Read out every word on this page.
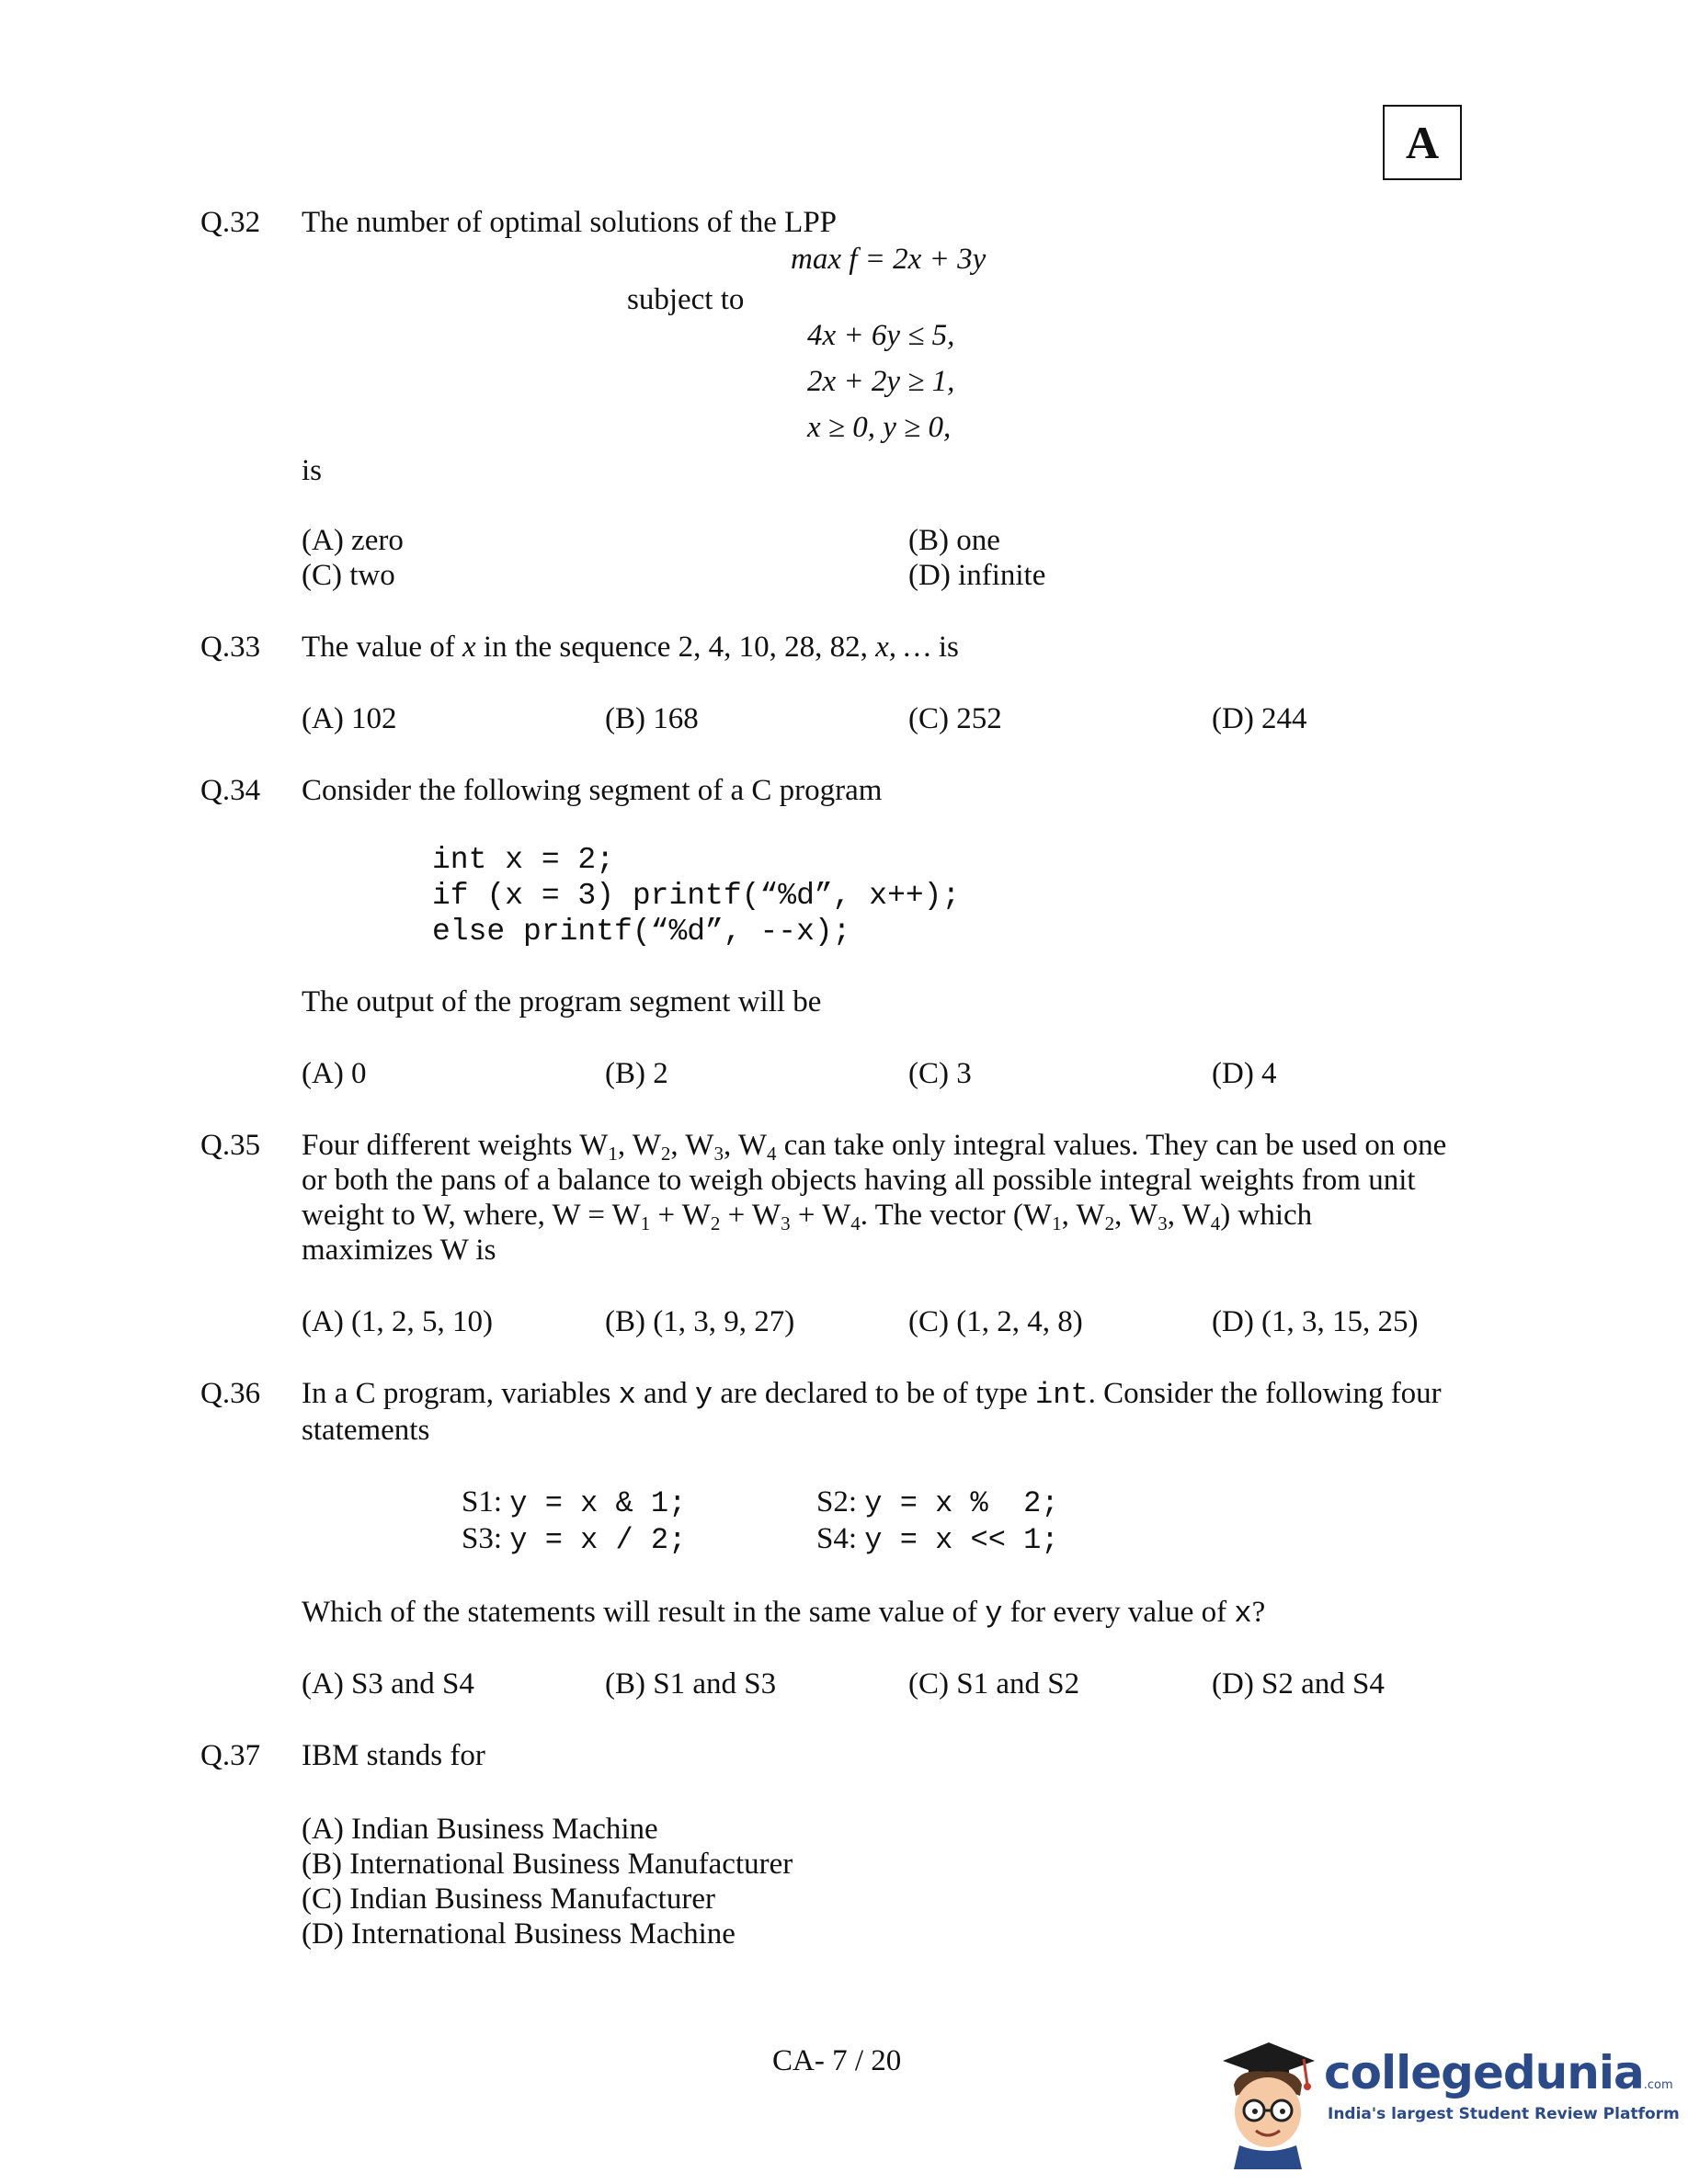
A
Q.32 The number of optimal solutions of the LPP
max f = 2x + 3y
subject to
4x + 6y ≤ 5,
2x + 2y ≥ 1,
x ≥ 0, y ≥ 0,
is
(A) zero	(B) one
(C) two	(D) infinite
Q.33 The value of x in the sequence 2, 4, 10, 28, 82, x, … is
(A) 102	(B) 168	(C) 252	(D) 244
Q.34 Consider the following segment of a C program
int x = 2;
if (x = 3) printf(“%d”, x++);
else printf(“%d”, --x);
The output of the program segment will be
(A) 0	(B) 2	(C) 3	(D) 4
Q.35 Four different weights $W_1$, $W_2$, $W_3$, $W_4$ can take only integral values. They can be used on one
or both the pans of a balance to weigh objects having all possible integral weights from unit
weight to W, where, $W = W_1 + W_2 + W_3 + W_4$. The vector ($W_1$, $W_2$, $W_3$, $W_4$) which
maximizes W is
(A) (1, 2, 5, 10)	(B) (1, 3, 9, 27)	(C) (1, 2, 4, 8)	(D) (1, 3, 15, 25)
Q.36 In a C program, variables x and y are declared to be of type int. Consider the following four
statements
S1: y = x & 1;	S2: y = x %  2;
S3: y = x / 2;	S4: y = x << 1;
Which of the statements will result in the same value of y for every value of x?
(A) S3 and S4	(B) S1 and S3	(C) S1 and S2	(D) S2 and S4
Q.37 IBM stands for
(A) Indian Business Machine
(B) International Business Manufacturer
(C) Indian Business Manufacturer
(D) International Business Machine
CA- 7 / 20	collegedunia.com
India's largest Student Review Platform
